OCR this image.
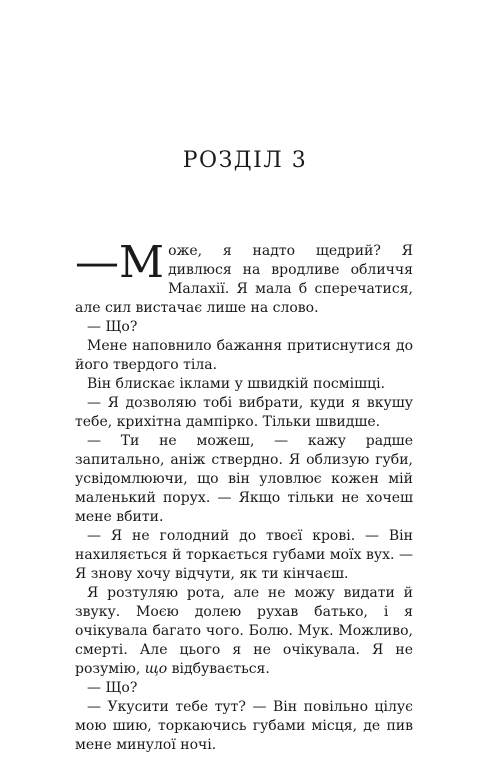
РОЗДІЛ 3

—М оже, я надто щедрий? Я дивлюся на вродливе обличчя Малахії. Я мала б сперечатися, але сил вистачає лише на слово.

— Що?

Мене наповнило бажання притиснутися до його твердого тіла.

Він блискає іклами у швидкій посмішці.

— Я дозволяю тобі вибрати, куди я вкушу тебе, крихітна дампірко. Тільки швидше.

— Ти не можеш, — кажу радше запитально, аніж ствердно. Я облизую губи, усвідомлюючи, що він уловлює кожен мій маленький порух. — Якщо тільки не хочеш мене вбити.

— Я не голодний до твоєї крові. — Він нахиляється й торкається губами моїх вух. — Я знову хочу відчути, як ти кінчаєш.

Я розтуляю рота, але не можу видати й звуку. Моєю долею рухав батько, і я очікувала багато чого. Болю. Мук. Можливо, смерті. Але цього я не очікувала. Я не розумію, що відбувається.

— Що?

— Укусити тебе тут? — Він повільно цілує мою шию, торкаючись губами місця, де пив мене минулої ночі.
